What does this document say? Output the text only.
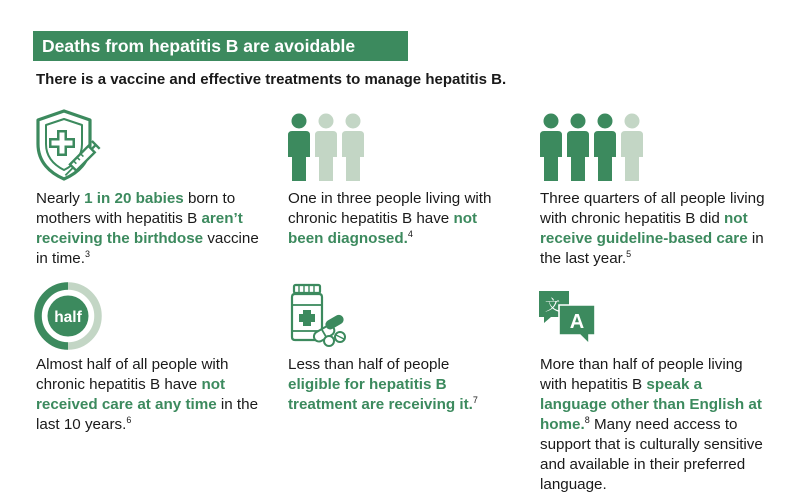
Deaths from hepatitis B are avoidable
There is a vaccine and effective treatments to manage hepatitis B.
half
文
A
Nearly 1 in 20 babies born to mothers with hepatitis B aren’t receiving the birthdose vaccine in time.$^3$
One in three people living with chronic hepatitis B have not been diagnosed.$^4$
Three quarters of all people living with chronic hepatitis B did not receive guideline-based care in the last year.$^5$
Almost half of all people with chronic hepatitis B have not received care at any time in the last 10 years.$^6$
Less than half of people eligible for hepatitis B treatment are receiving it.$^7$
More than half of people living with hepatitis B speak a language other than English at home.$^8$ Many need access to support that is culturally sensitive and available in their preferred language.
